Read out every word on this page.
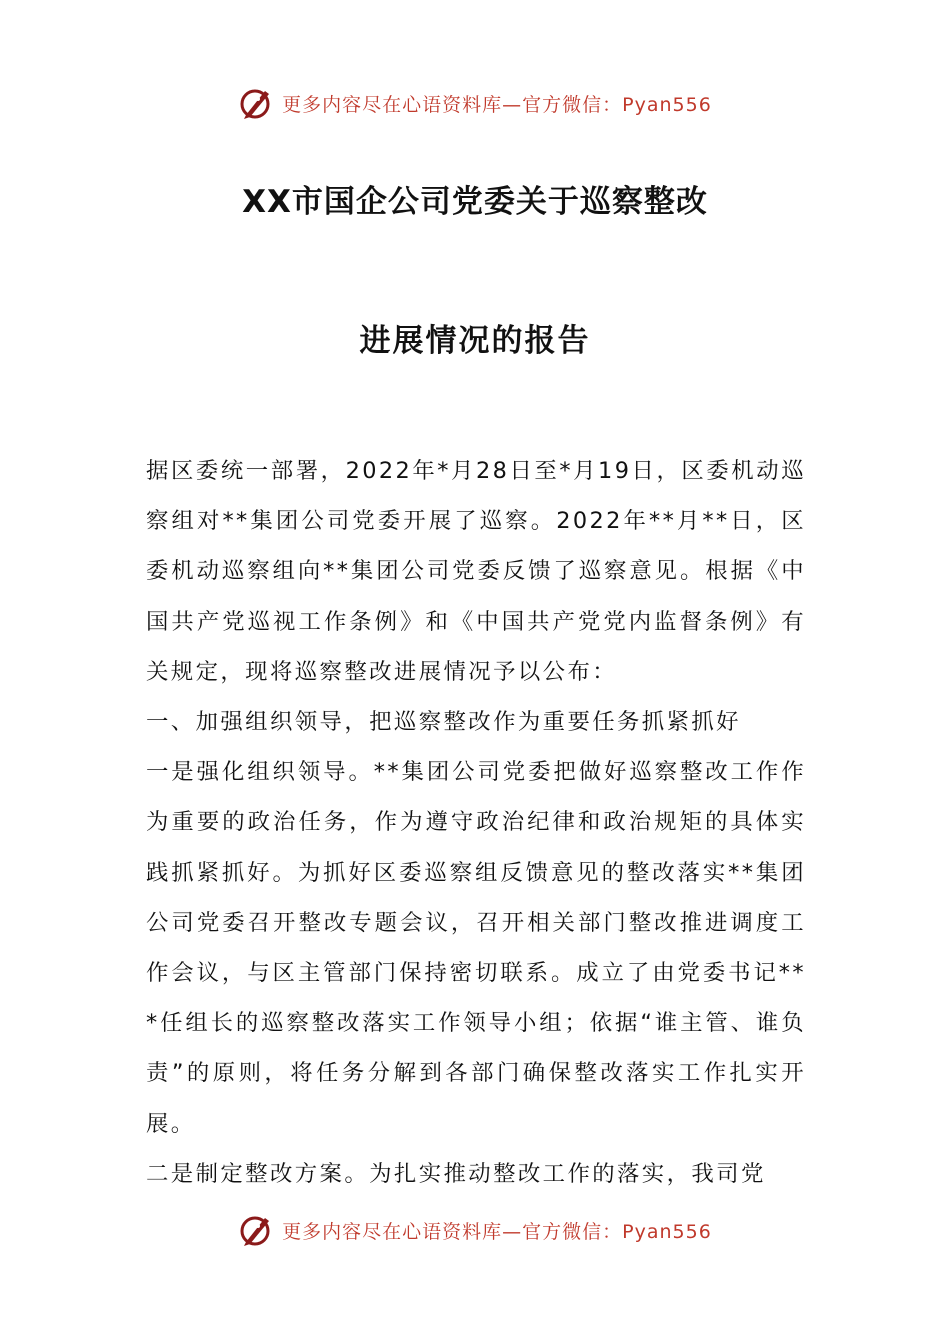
更多内容尽在心语资料库—官方微信：Pyan556
XX市国企公司党委关于巡察整改
进展情况的报告

据区委统一部署，2022年*月28日至*月19日，区委机动巡察组对**集团公司党委开展了巡察。2022年**月**日，区委机动巡察组向**集团公司党委反馈了巡察意见。根据《中国共产党巡视工作条例》和《中国共产党党内监督条例》有关规定，现将巡察整改进展情况予以公布：

一、加强组织领导，把巡察整改作为重要任务抓紧抓好

一是强化组织领导。**集团公司党委把做好巡察整改工作作为重要的政治任务，作为遵守政治纪律和政治规矩的具体实践抓紧抓好。为抓好区委巡察组反馈意见的整改落实**集团公司党委召开整改专题会议，召开相关部门整改推进调度工作会议，与区主管部门保持密切联系。成立了由党委书记***任组长的巡察整改落实工作领导小组；依据“谁主管、谁负责”的原则，将任务分解到各部门确保整改落实工作扎实开展。

二是制定整改方案。为扎实推动整改工作的落实，我司党

更多内容尽在心语资料库—官方微信：Pyan556
